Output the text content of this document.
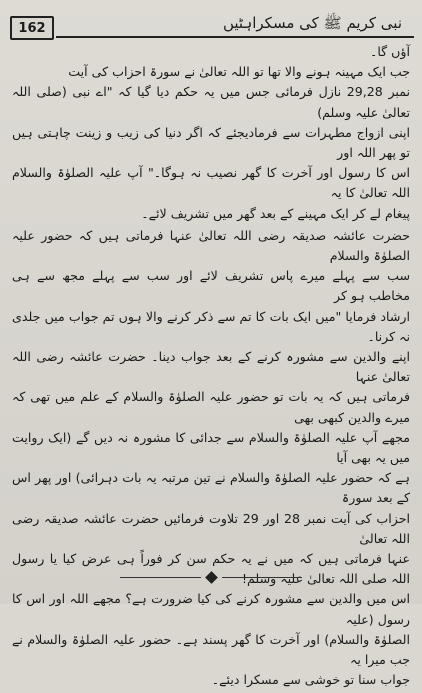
162	نبی کریم ﷺ کی مسکراہٹیں

آؤں گا۔

جب ایک مہینہ ہونے والا تھا تو اللہ تعالیٰ نے سورۃ احزاب کی آیت

نمبر 29,28 نازل فرمائی جس میں یہ حکم دیا گیا کہ "اے نبی (صلی اللہ تعالیٰ علیہ وسلم)

اپنی ازواج مطہرات سے فرمادیجئے کہ اگر دنیا کی زیب و زینت چاہتی ہیں تو پھر اللہ اور

اس کا رسول اور آخرت کا گھر نصیب نہ ہوگا۔" آپ علیہ الصلوٰۃ والسلام اللہ تعالیٰ کا یہ

پیغام لے کر ایک مہینے کے بعد گھر میں تشریف لائے۔

حضرت عائشہ صدیقہ رضی اللہ تعالیٰ عنہا فرماتی ہیں کہ حضور علیہ الصلوٰۃ والسلام

سب سے پہلے میرے پاس تشریف لائے اور سب سے پہلے مجھ سے ہی مخاطب ہو کر

ارشاد فرمایا "میں ایک بات کا تم سے ذکر کرنے والا ہوں تم جواب میں جلدی نہ کرنا۔

اپنے والدین سے مشورہ کرنے کے بعد جواب دینا۔ حضرت عائشہ رضی اللہ تعالیٰ عنہا

فرماتی ہیں کہ یہ بات تو حضور علیہ الصلوٰۃ والسلام کے علم میں تھی کہ میرے والدین کبھی بھی

مجھے آپ علیہ الصلوٰۃ والسلام سے جدائی کا مشورہ نہ دیں گے (ایک روایت میں یہ بھی آیا

ہے کہ حضور علیہ الصلوٰۃ والسلام نے تین مرتبہ یہ بات دہرائی) اور پھر اس کے بعد سورۃ

احزاب کی آیت نمبر 28 اور 29 تلاوت فرمائیں حضرت عائشہ صدیقہ رضی اللہ تعالیٰ

عنہا فرماتی ہیں کہ میں نے یہ حکم سن کر فوراً ہی عرض کیا یا رسول اللہ صلی اللہ تعالیٰ علیہ وسلم!

اس میں والدین سے مشورہ کرنے کی کیا ضرورت ہے؟ مجھے اللہ اور اس کا رسول (علیہ

الصلوٰۃ والسلام) اور آخرت کا گھر پسند ہے۔ حضور علیہ الصلوٰۃ والسلام نے جب میرا یہ

جواب سنا تو خوشی سے مسکرا دیئے۔
